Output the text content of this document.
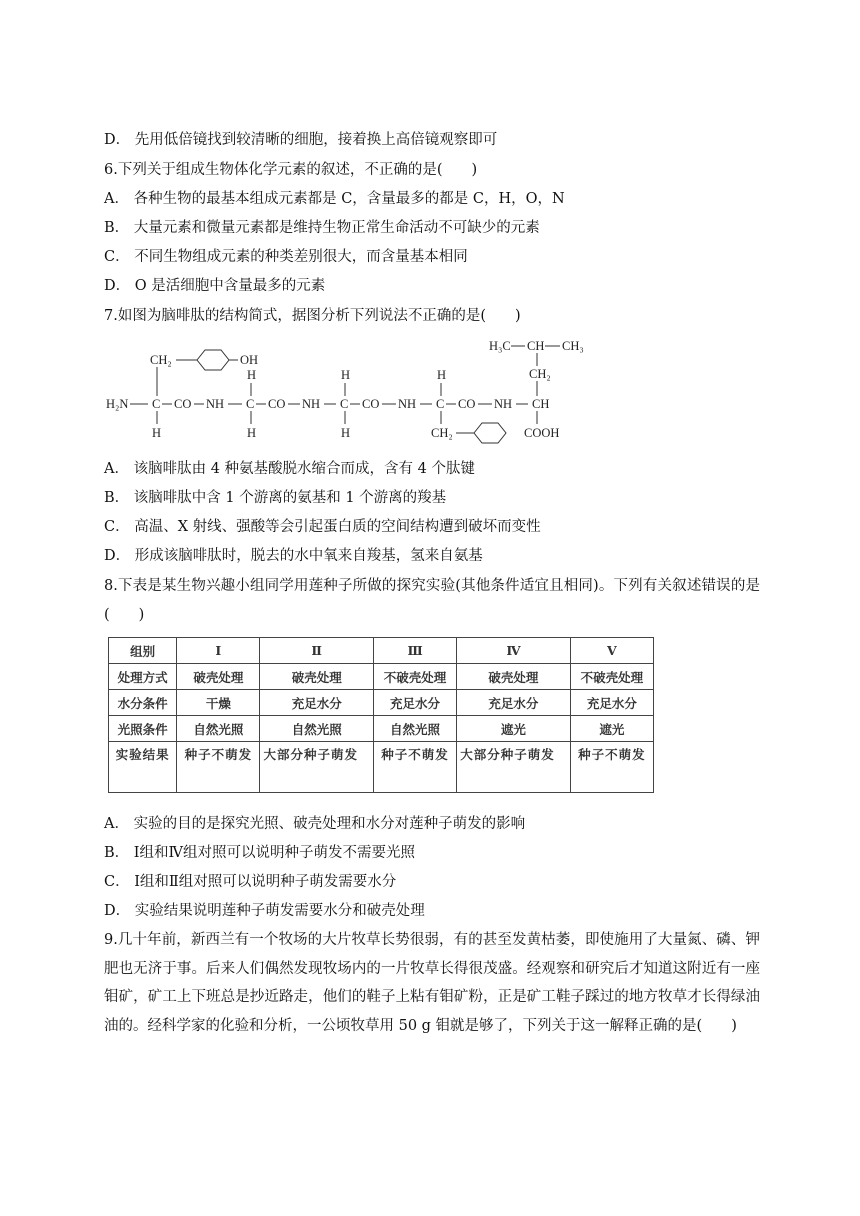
D． 先用低倍镜找到较清晰的细胞，接着换上高倍镜观察即可
6.下列关于组成生物体化学元素的叙述，不正确的是(　　)
A． 各种生物的最基本组成元素都是 C，含量最多的都是 C，H，O，N
B． 大量元素和微量元素都是维持生物正常生命活动不可缺少的元素
C． 不同生物组成元素的种类差别很大，而含量基本相同
D． O 是活细胞中含量最多的元素
7.如图为脑啡肽的结构简式，据图分析下列说法不正确的是(　　)
H₃C CH CH₃
CH₂
CH₂	OH
H₂N C CO NH C CO NH C CO NH C CO NH CH
H	H	H
H	H	H	CH₂	COOH
A． 该脑啡肽由 4 种氨基酸脱水缩合而成，含有 4 个肽键
B． 该脑啡肽中含 1 个游离的氨基和 1 个游离的羧基
C． 高温、X 射线、强酸等会引起蛋白质的空间结构遭到破坏而变性
D． 形成该脑啡肽时，脱去的水中氧来自羧基，氢来自氨基
8.下表是某生物兴趣小组同学用莲种子所做的探究实验(其他条件适宜且相同)。下列有关叙述错误的是(　　)
组别	Ⅰ	Ⅱ	Ⅲ	Ⅳ	Ⅴ
处理方式	破壳处理	破壳处理	不破壳处理	破壳处理	不破壳处理
水分条件	干燥	充足水分	充足水分	充足水分	充足水分
光照条件	自然光照	自然光照	自然光照	遮光	遮光
实验结果	种子不萌发	大部分种子萌发	种子不萌发	大部分种子萌发	种子不萌发
A． 实验的目的是探究光照、破壳处理和水分对莲种子萌发的影响
B． Ⅰ组和Ⅳ组对照可以说明种子萌发不需要光照
C． Ⅰ组和Ⅱ组对照可以说明种子萌发需要水分
D． 实验结果说明莲种子萌发需要水分和破壳处理
9.几十年前，新西兰有一个牧场的大片牧草长势很弱，有的甚至发黄枯萎，即使施用了大量氮、磷、钾肥也无济于事。后来人们偶然发现牧场内的一片牧草长得很茂盛。经观察和研究后才知道这附近有一座钼矿，矿工上下班总是抄近路走，他们的鞋子上粘有钼矿粉，正是矿工鞋子踩过的地方牧草才长得绿油油的。经科学家的化验和分析，一公顷牧草用 50 g 钼就是够了，下列关于这一解释正确的是(　　)
